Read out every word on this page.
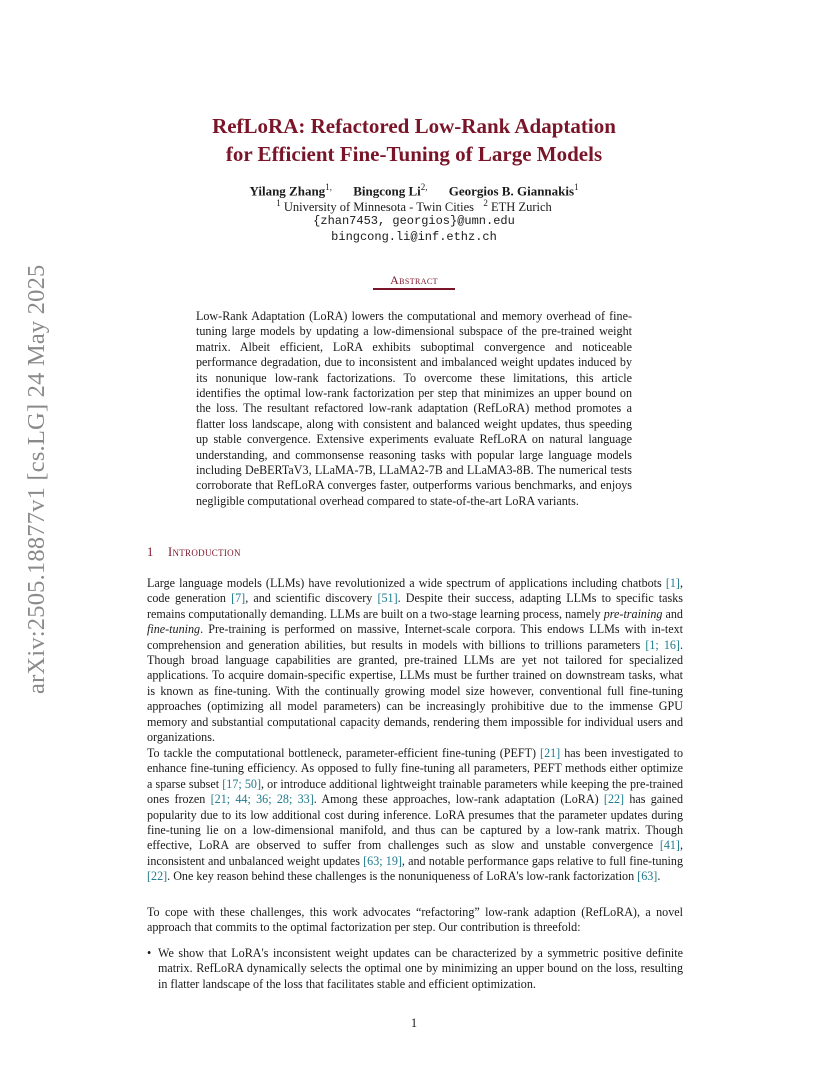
arXiv:2505.18877v1 [cs.LG] 24 May 2025
RefLoRA: Refactored Low-Rank Adaptation
for Efficient Fine-Tuning of Large Models
Yilang Zhang$^{1,}$ Bingcong $Li^{2,}$ Georgios B. Giannakis$^1$
$^1$ University of Minnesota - Twin Cities $^2$ ETH Zurich
{zhan7453, georgios}@umn.edu
bingcong.li@inf.ethz.ch
Abstract
Low-Rank Adaptation (LoRA) lowers the computational and memory overhead of fine-tuning large models by updating a low-dimensional subspace of the pre-trained weight matrix. Albeit efficient, LoRA exhibits suboptimal convergence and noticeable performance degradation, due to inconsistent and imbalanced weight updates induced by its nonunique low-rank factorizations. To overcome these limitations, this article identifies the optimal low-rank factorization per step that minimizes an upper bound on the loss. The resultant refactored low-rank adaptation (RefLoRA) method promotes a flatter loss landscape, along with consistent and balanced weight updates, thus speeding up stable convergence. Extensive experiments evaluate RefLoRA on natural language understanding, and commonsense reasoning tasks with popular large language models including DeBERTaV3, LLaMA-7B, LLaMA2-7B and LLaMA3-8B. The numerical tests corroborate that RefLoRA converges faster, outperforms various benchmarks, and enjoys negligible computational overhead compared to state-of-the-art LoRA variants.
1 Introduction
Large language models (LLMs) have revolutionized a wide spectrum of applications including chatbots [1], code generation [7], and scientific discovery [51]. Despite their success, adapting LLMs to specific tasks remains computationally demanding. LLMs are built on a two-stage learning process, namely pre-training and fine-tuning. Pre-training is performed on massive, Internet-scale corpora. This endows LLMs with in-text comprehension and generation abilities, but results in models with billions to trillions parameters [1; 16]. Though broad language capabilities are granted, pre-trained LLMs are yet not tailored for specialized applications. To acquire domain-specific expertise, LLMs must be further trained on downstream tasks, what is known as fine-tuning. With the continually growing model size however, conventional full fine-tuning approaches (optimizing all model parameters) can be increasingly prohibitive due to the immense GPU memory and substantial computational capacity demands, rendering them impossible for individual users and organizations.
To tackle the computational bottleneck, parameter-efficient fine-tuning (PEFT) [21] has been investigated to enhance fine-tuning efficiency. As opposed to fully fine-tuning all parameters, PEFT methods either optimize a sparse subset [17; 50], or introduce additional lightweight trainable parameters while keeping the pre-trained ones frozen [21; 44; 36; 28; 33]. Among these approaches, low-rank adaptation (LoRA) [22] has gained popularity due to its low additional cost during inference. LoRA presumes that the parameter updates during fine-tuning lie on a low-dimensional manifold, and thus can be captured by a low-rank matrix. Though effective, LoRA are observed to suffer from challenges such as slow and unstable convergence [41], inconsistent and unbalanced weight updates [63; 19], and notable performance gaps relative to full fine-tuning [22]. One key reason behind these challenges is the nonuniqueness of LoRA's low-rank factorization [63].
To cope with these challenges, this work advocates “refactoring” low-rank adaption (RefLoRA), a novel approach that commits to the optimal factorization per step. Our contribution is threefold:
• We show that LoRA's inconsistent weight updates can be characterized by a symmetric positive definite matrix. RefLoRA dynamically selects the optimal one by minimizing an upper bound on the loss, resulting in flatter landscape of the loss that facilitates stable and efficient optimization.
1
